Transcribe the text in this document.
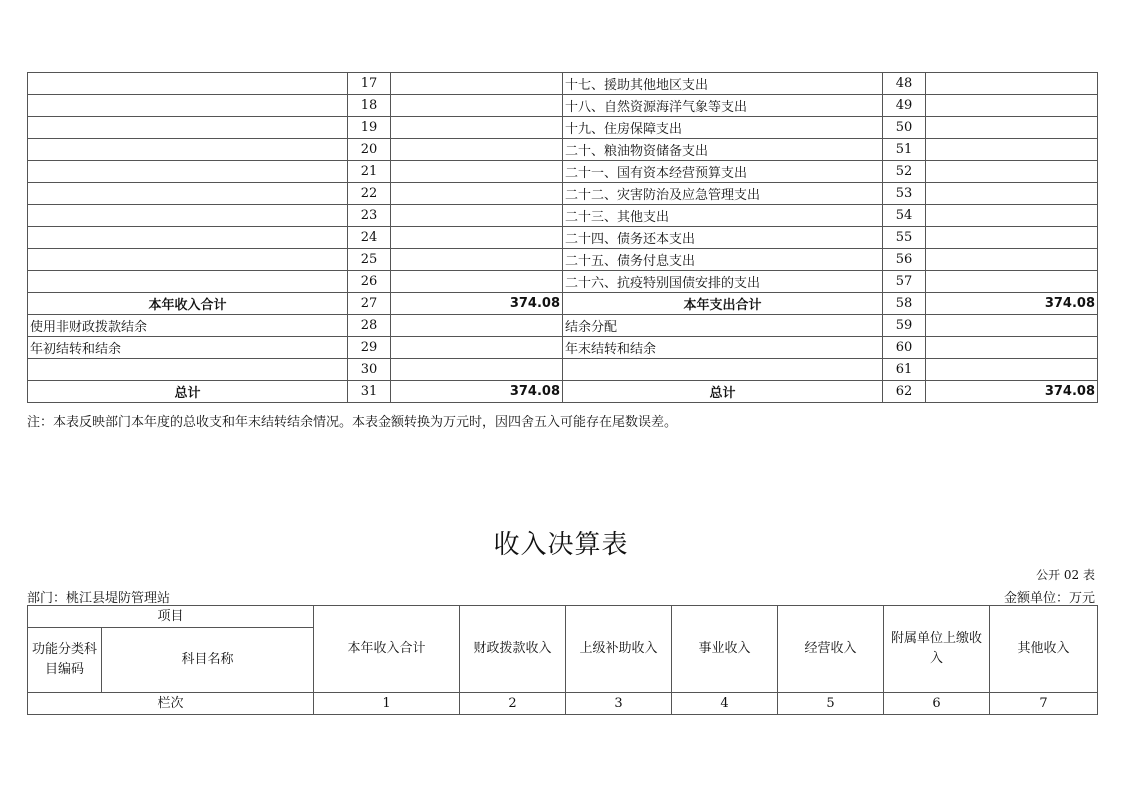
	17		十七、援助其他地区支出	48	
	18		十八、自然资源海洋气象等支出	49	
	19		十九、住房保障支出	50	
	20		二十、粮油物资储备支出	51	
	21		二十一、国有资本经营预算支出	52	
	22		二十二、灾害防治及应急管理支出	53	
	23		二十三、其他支出	54	
	24		二十四、债务还本支出	55	
	25		二十五、债务付息支出	56	
	26		二十六、抗疫特别国债安排的支出	57	
本年收入合计	27	374.08	本年支出合计	58	374.08
使用非财政拨款结余	28		结余分配	59	
年初结转和结余	29		年末结转和结余	60	
	30			61	
总计	31	374.08	总计	62	374.08
注：本表反映部门本年度的总收支和年末结转结余情况。本表金额转换为万元时，因四舍五入可能存在尾数误差。
收入决算表
公开 02 表
部门：桃江县堤防管理站	金额单位：万元
项目		本年收入合计	财政拨款收入	上级补助收入	事业收入	经营收入	附属单位上缴收入	其他收入
功能分类科目编码	科目名称							
栏次		1	2	3	4	5	6	7
